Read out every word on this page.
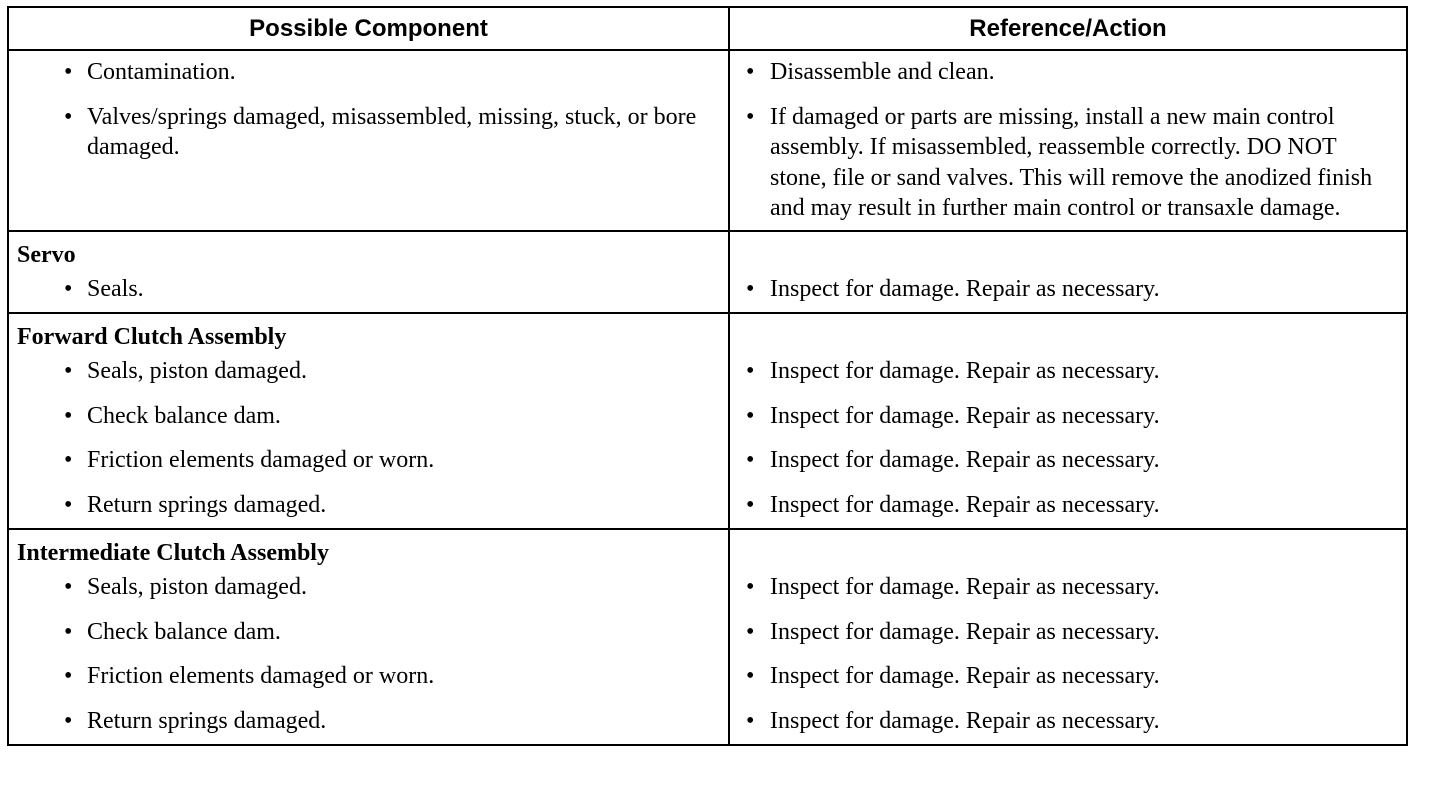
Possible Component	Reference/Action

• Contamination.	• Disassemble and clean.

• Valves/springs damaged, misassembled, missing, stuck, or bore damaged.	• If damaged or parts are missing, install a new main control assembly. If misassembled, reassemble correctly. DO NOT stone, file or sand valves. This will remove the anodized finish and may result in further main control or transaxle damage.

Servo	

• Seals.	• Inspect for damage. Repair as necessary.

Forward Clutch Assembly	

• Seals, piston damaged.	• Inspect for damage. Repair as necessary.

• Check balance dam.	• Inspect for damage. Repair as necessary.

• Friction elements damaged or worn.	• Inspect for damage. Repair as necessary.

• Return springs damaged.	• Inspect for damage. Repair as necessary.

Intermediate Clutch Assembly	

• Seals, piston damaged.	• Inspect for damage. Repair as necessary.

• Check balance dam.	• Inspect for damage. Repair as necessary.

• Friction elements damaged or worn.	• Inspect for damage. Repair as necessary.

• Return springs damaged.	• Inspect for damage. Repair as necessary.
